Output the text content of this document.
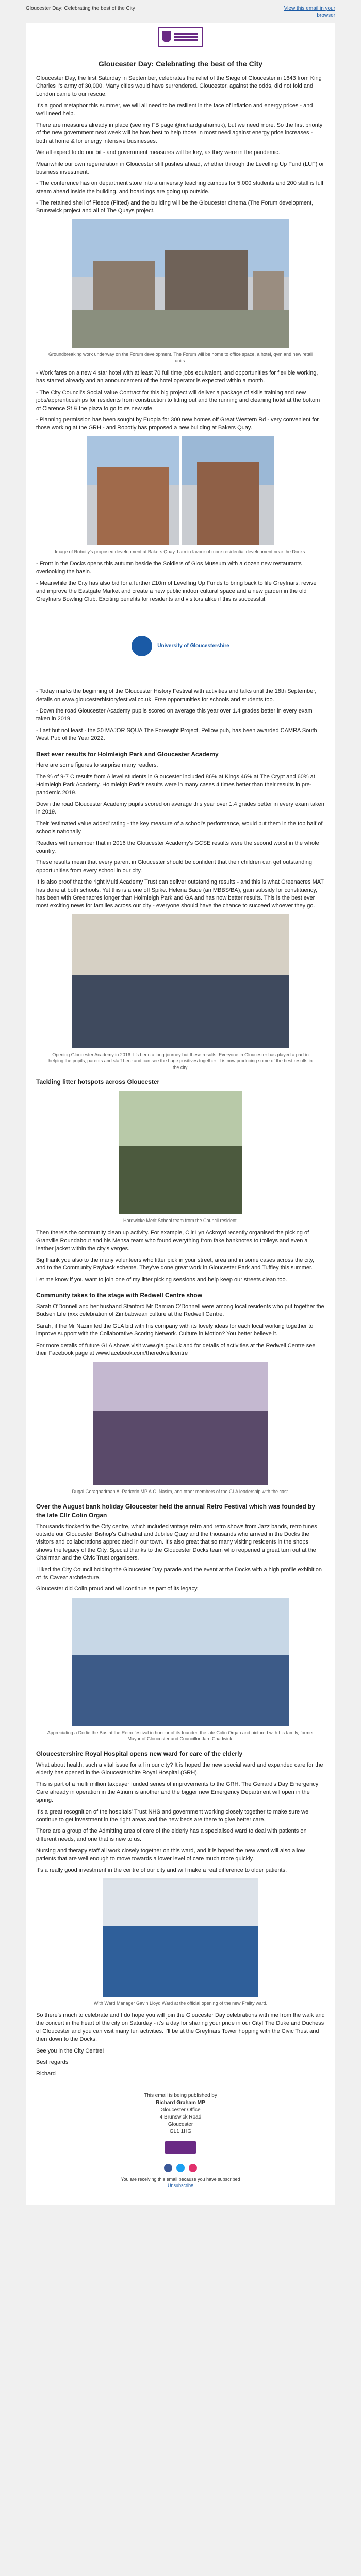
Gloucester Day: Celebrating the best of the City	View this email in your
browser
Gloucester Day: Celebrating the best of the City

Gloucester Day, the first Saturday in September, celebrates the relief of the Siege of Gloucester in 1643 from King Charles I's army of 30,000. Many cities would have surrendered. Gloucester, against the odds, did not fold and London came to our rescue.

It's a good metaphor this summer, we will all need to be resilient in the face of inflation and energy prices - and we'll need help.

There are measures already in place (see my FB page @richardgrahamuk), but we need more. So the first priority of the new government next week will be how best to help those in most need against energy price increases - both at home & for energy intensive businesses.

We all expect to do our bit - and government measures will be key, as they were in the pandemic.

Meanwhile our own regeneration in Gloucester still pushes ahead, whether through the Levelling Up Fund (LUF) or business investment.

- The conference has on department store into a university teaching campus for 5,000 students and 200 staff is full steam ahead inside the building, and hoardings are going up outside.

- The retained shell of Fleece (Fitted) and the building will be the Gloucester cinema (The Forum development, Brunswick project and all of The Quays project.

Groundbreaking work underway on the Forum development. The Forum will be home to office space, a hotel, gym and new retail units.

- Work fares on a new 4 star hotel with at least 70 full time jobs equivalent, and opportunities for flexible working, has started already and an announcement of the hotel operator is expected within a month.

- The City Council's Social Value Contract for this big project will deliver a package of skills training and new jobs/apprenticeships for residents from construction to fitting out and the running and cleaning hotel at the bottom of Clarence St & the plaza to go to its new site.

- Planning permission has been sought by Euopia for 300 new homes off Great Western Rd - very convenient for those working at the GRH - and Robotly has proposed a new building at Bakers Quay.

Image of Robotly's proposed development at Bakers Quay. I am in favour of more residential development near the Docks.

- Front in the Docks opens this autumn beside the Soldiers of Glos Museum with a dozen new restaurants overlooking the basin.

- Meanwhile the City has also bid for a further £10m of Levelling Up Funds to bring back to life Greyfriars, revive and improve the Eastgate Market and create a new public indoor cultural space and a new garden in the old Greyfriars Bowling Club. Exciting benefits for residents and visitors alike if this is successful.

University of Gloucestershire

- Today marks the beginning of the Gloucester History Festival with activities and talks until the 18th September, details on www.gloucesterhistoryfestival.co.uk. Free opportunities for schools and students too.

- Down the road Gloucester Academy pupils scored on average this year over 1.4 grades better in every exam taken in 2019.

- Last but not least - the 30 MAJOR SQUA The Foresight Project, Pellow pub, has been awarded CAMRA South West Pub of the Year 2022.

Best ever results for Holmleigh Park and Gloucester Academy

Here are some figures to surprise many readers.

The % of 9-7 C results from A level students in Gloucester included 86% at Kings 46% at The Crypt and 60% at Holmleigh Park Academy. Holmleigh Park's results were in many cases 4 times better than their results in pre-pandemic 2019.

Down the road Gloucester Academy pupils scored on average this year over 1.4 grades better in every exam taken in 2019.

Their 'estimated value added' rating - the key measure of a school's performance, would put them in the top half of schools nationally.

Readers will remember that in 2016 the Gloucester Academy's GCSE results were the second worst in the whole country.

These results mean that every parent in Gloucester should be confident that their children can get outstanding opportunities from every school in our city.

It is also proof that the right Multi Academy Trust can deliver outstanding results - and this is what Greenacres MAT has done at both schools. Yet this is a one off Spike. Helena Bade (an MBBS/BA), gain subsidy for constituency, has been with Greenacres longer than Holmleigh Park and GA and has now better results. This is the best ever most exciting news for families across our city - everyone should have the chance to succeed whoever they go.

Opening Gloucester Academy in 2016. It's been a long journey but these results. Everyone in Gloucester has played a part in helping the pupils, parents and staff here and can see the huge positives together. It is now producing some of the best results in the city.

Tackling litter hotspots across Gloucester

Hardwicke Merit School team from the Council resident.

Then there's the community clean up activity. For example, Cllr Lyn Ackroyd recently organised the picking of Granville Roundabout and his Mensa team who found everything from fake banknotes to trolleys and even a leather jacket within the city's verges.

Big thank you also to the many volunteers who litter pick in your street, area and in some cases across the city, and to the Community Payback scheme. They've done great work in Gloucester Park and Tuffley this summer.

Let me know if you want to join one of my litter picking sessions and help keep our streets clean too.

Community takes to the stage with Redwell Centre show

Sarah O'Donnell and her husband Stanford Mr Damian O'Donnell were among local residents who put together the Budsen Life (xxx celebration of Zimbabwean culture at the Redwell Centre.

Sarah, if the Mr Nazim led the GLA bid with his company with its lovely ideas for each local working together to improve support with the Collaborative Scoring Network. Culture in Motion? You better believe it.

For more details of future GLA shows visit www.gla.gov.uk and for details of activities at the Redwell Centre see their Facebook page at www.facebook.com/theredwellcentre

Dugal Goraghadrhan Al-Parkerin MP A.C. Nasim, and other members of the GLA leadership with the cast.

Over the August bank holiday Gloucester held the annual Retro Festival which was founded by the late Cllr Colin Organ

Thousands flocked to the City centre, which included vintage retro and retro shows from Jazz bands, retro tunes outside our Gloucester Bishop's Cathedral and Jubilee Quay and the thousands who arrived in the Docks the visitors and collaborations appreciated in our town. It's also great that so many visiting residents in the shops shows the legacy of the City. Special thanks to the Gloucester Docks team who reopened a great turn out at the Chairman and the Civic Trust organisers.

I liked the City Council holding the Gloucester Day parade and the event at the Docks with a high profile exhibition of its Caveat architecture.

Gloucester did Colin proud and will continue as part of its legacy.

Appreciating a Dodie the Bus at the Retro festival in honour of its founder, the late Colin Organ and pictured with his family, former Mayor of Gloucester and Councillor Jaro Chadwick.

Gloucestershire Royal Hospital opens new ward for care of the elderly

What about health, such a vital issue for all in our city? It is hoped the new special ward and expanded care for the elderly has opened in the Gloucestershire Royal Hospital (GRH).

This is part of a multi million taxpayer funded series of improvements to the GRH. The Gerrard's Day Emergency Care already in operation in the Atrium is another and the bigger new Emergency Department will open in the spring.

It's a great recognition of the hospitals' Trust NHS and government working closely together to make sure we continue to get investment in the right areas and the new beds are there to give better care.

There are a group of the Admitting area of care of the elderly has a specialised ward to deal with patients on different needs, and one that is new to us.

Nursing and therapy staff all work closely together on this ward, and it is hoped the new ward will also allow patients that are well enough to move towards a lower level of care much more quickly.

It's a really good investment in the centre of our city and will make a real difference to older patients.

With Ward Manager Gavin Lloyd Ward at the official opening of the new Frailty ward.

So there's much to celebrate and I do hope you will join the Gloucester Day celebrations with me from the walk and the concert in the heart of the city on Saturday - it's a day for sharing your pride in our City! The Duke and Duchess of Gloucester and you can visit many fun activities. I'll be at the Greyfriars Tower hopping with the Civic Trust and then down to the Docks.

See you in the City Centre!

Best regards

Richard

This email is being published by
Richard Graham MP
Gloucester Office
4 Brunswick Road
Gloucester
GL1 1HG
You are receiving this email because you have subscribed
Unsubscribe
